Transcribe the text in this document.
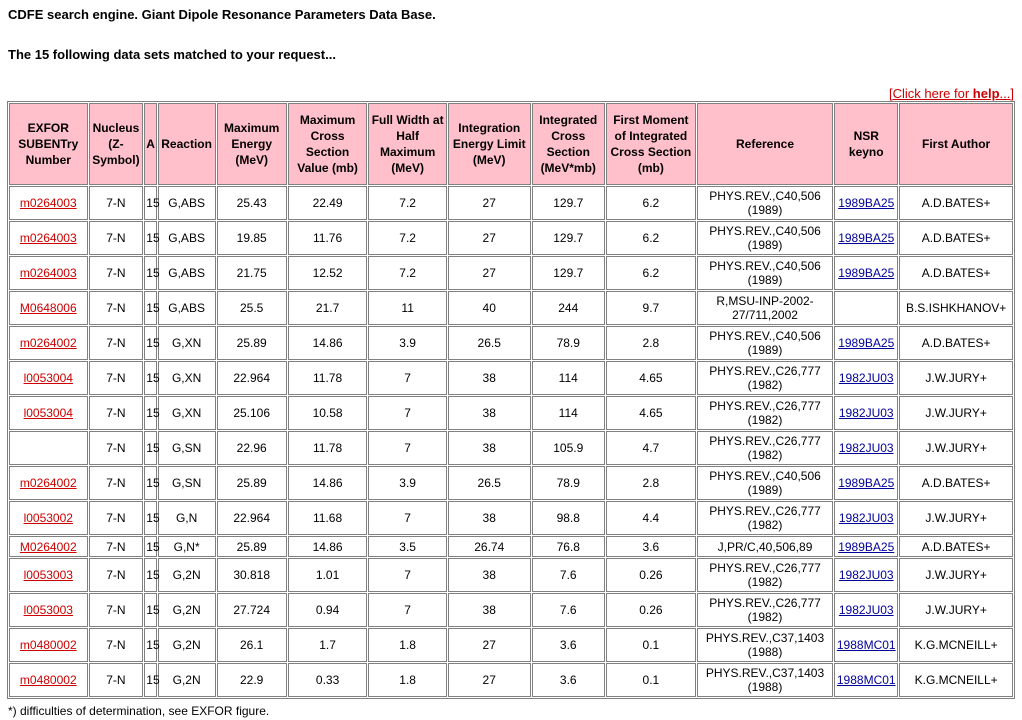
CDFE search engine. Giant Dipole Resonance Parameters Data Base.
The 15 following data sets matched to your request...
[Click here for help...]
EXFOR SUBENTry Number	Nucleus (Z-Symbol)	A	Reaction	Maximum Energy (MeV)	Maximum Cross Section Value (mb)	Full Width at Half Maximum (MeV)	Integration Energy Limit (MeV)	Integrated Cross Section (MeV*mb)	First Moment of Integrated Cross Section (mb)	Reference	NSR keyno	First Author
m0264003	7-N	15	G,ABS	25.43	22.49	7.2	27	129.7	6.2	PHYS.REV.,C40,506 (1989)	1989BA25	A.D.BATES+
m0264003	7-N	15	G,ABS	19.85	11.76	7.2	27	129.7	6.2	PHYS.REV.,C40,506 (1989)	1989BA25	A.D.BATES+
m0264003	7-N	15	G,ABS	21.75	12.52	7.2	27	129.7	6.2	PHYS.REV.,C40,506 (1989)	1989BA25	A.D.BATES+
M0648006	7-N	15	G,ABS	25.5	21.7	11	40	244	9.7	R,MSU-INP-2002-27/711,2002		B.S.ISHKHANOV+
m0264002	7-N	15	G,XN	25.89	14.86	3.9	26.5	78.9	2.8	PHYS.REV.,C40,506 (1989)	1989BA25	A.D.BATES+
l0053004	7-N	15	G,XN	22.964	11.78	7	38	114	4.65	PHYS.REV.,C26,777 (1982)	1982JU03	J.W.JURY+
l0053004	7-N	15	G,XN	25.106	10.58	7	38	114	4.65	PHYS.REV.,C26,777 (1982)	1982JU03	J.W.JURY+
	7-N	15	G,SN	22.96	11.78	7	38	105.9	4.7	PHYS.REV.,C26,777 (1982)	1982JU03	J.W.JURY+
m0264002	7-N	15	G,SN	25.89	14.86	3.9	26.5	78.9	2.8	PHYS.REV.,C40,506 (1989)	1989BA25	A.D.BATES+
l0053002	7-N	15	G,N	22.964	11.68	7	38	98.8	4.4	PHYS.REV.,C26,777 (1982)	1982JU03	J.W.JURY+
M0264002	7-N	15	G,N*	25.89	14.86	3.5	26.74	76.8	3.6	J,PR/C,40,506,89	1989BA25	A.D.BATES+
l0053003	7-N	15	G,2N	30.818	1.01	7	38	7.6	0.26	PHYS.REV.,C26,777 (1982)	1982JU03	J.W.JURY+
l0053003	7-N	15	G,2N	27.724	0.94	7	38	7.6	0.26	PHYS.REV.,C26,777 (1982)	1982JU03	J.W.JURY+
m0480002	7-N	15	G,2N	26.1	1.7	1.8	27	3.6	0.1	PHYS.REV.,C37,1403 (1988)	1988MC01	K.G.MCNEILL+
m0480002	7-N	15	G,2N	22.9	0.33	1.8	27	3.6	0.1	PHYS.REV.,C37,1403 (1988)	1988MC01	K.G.MCNEILL+
*) difficulties of determination, see EXFOR figure.
